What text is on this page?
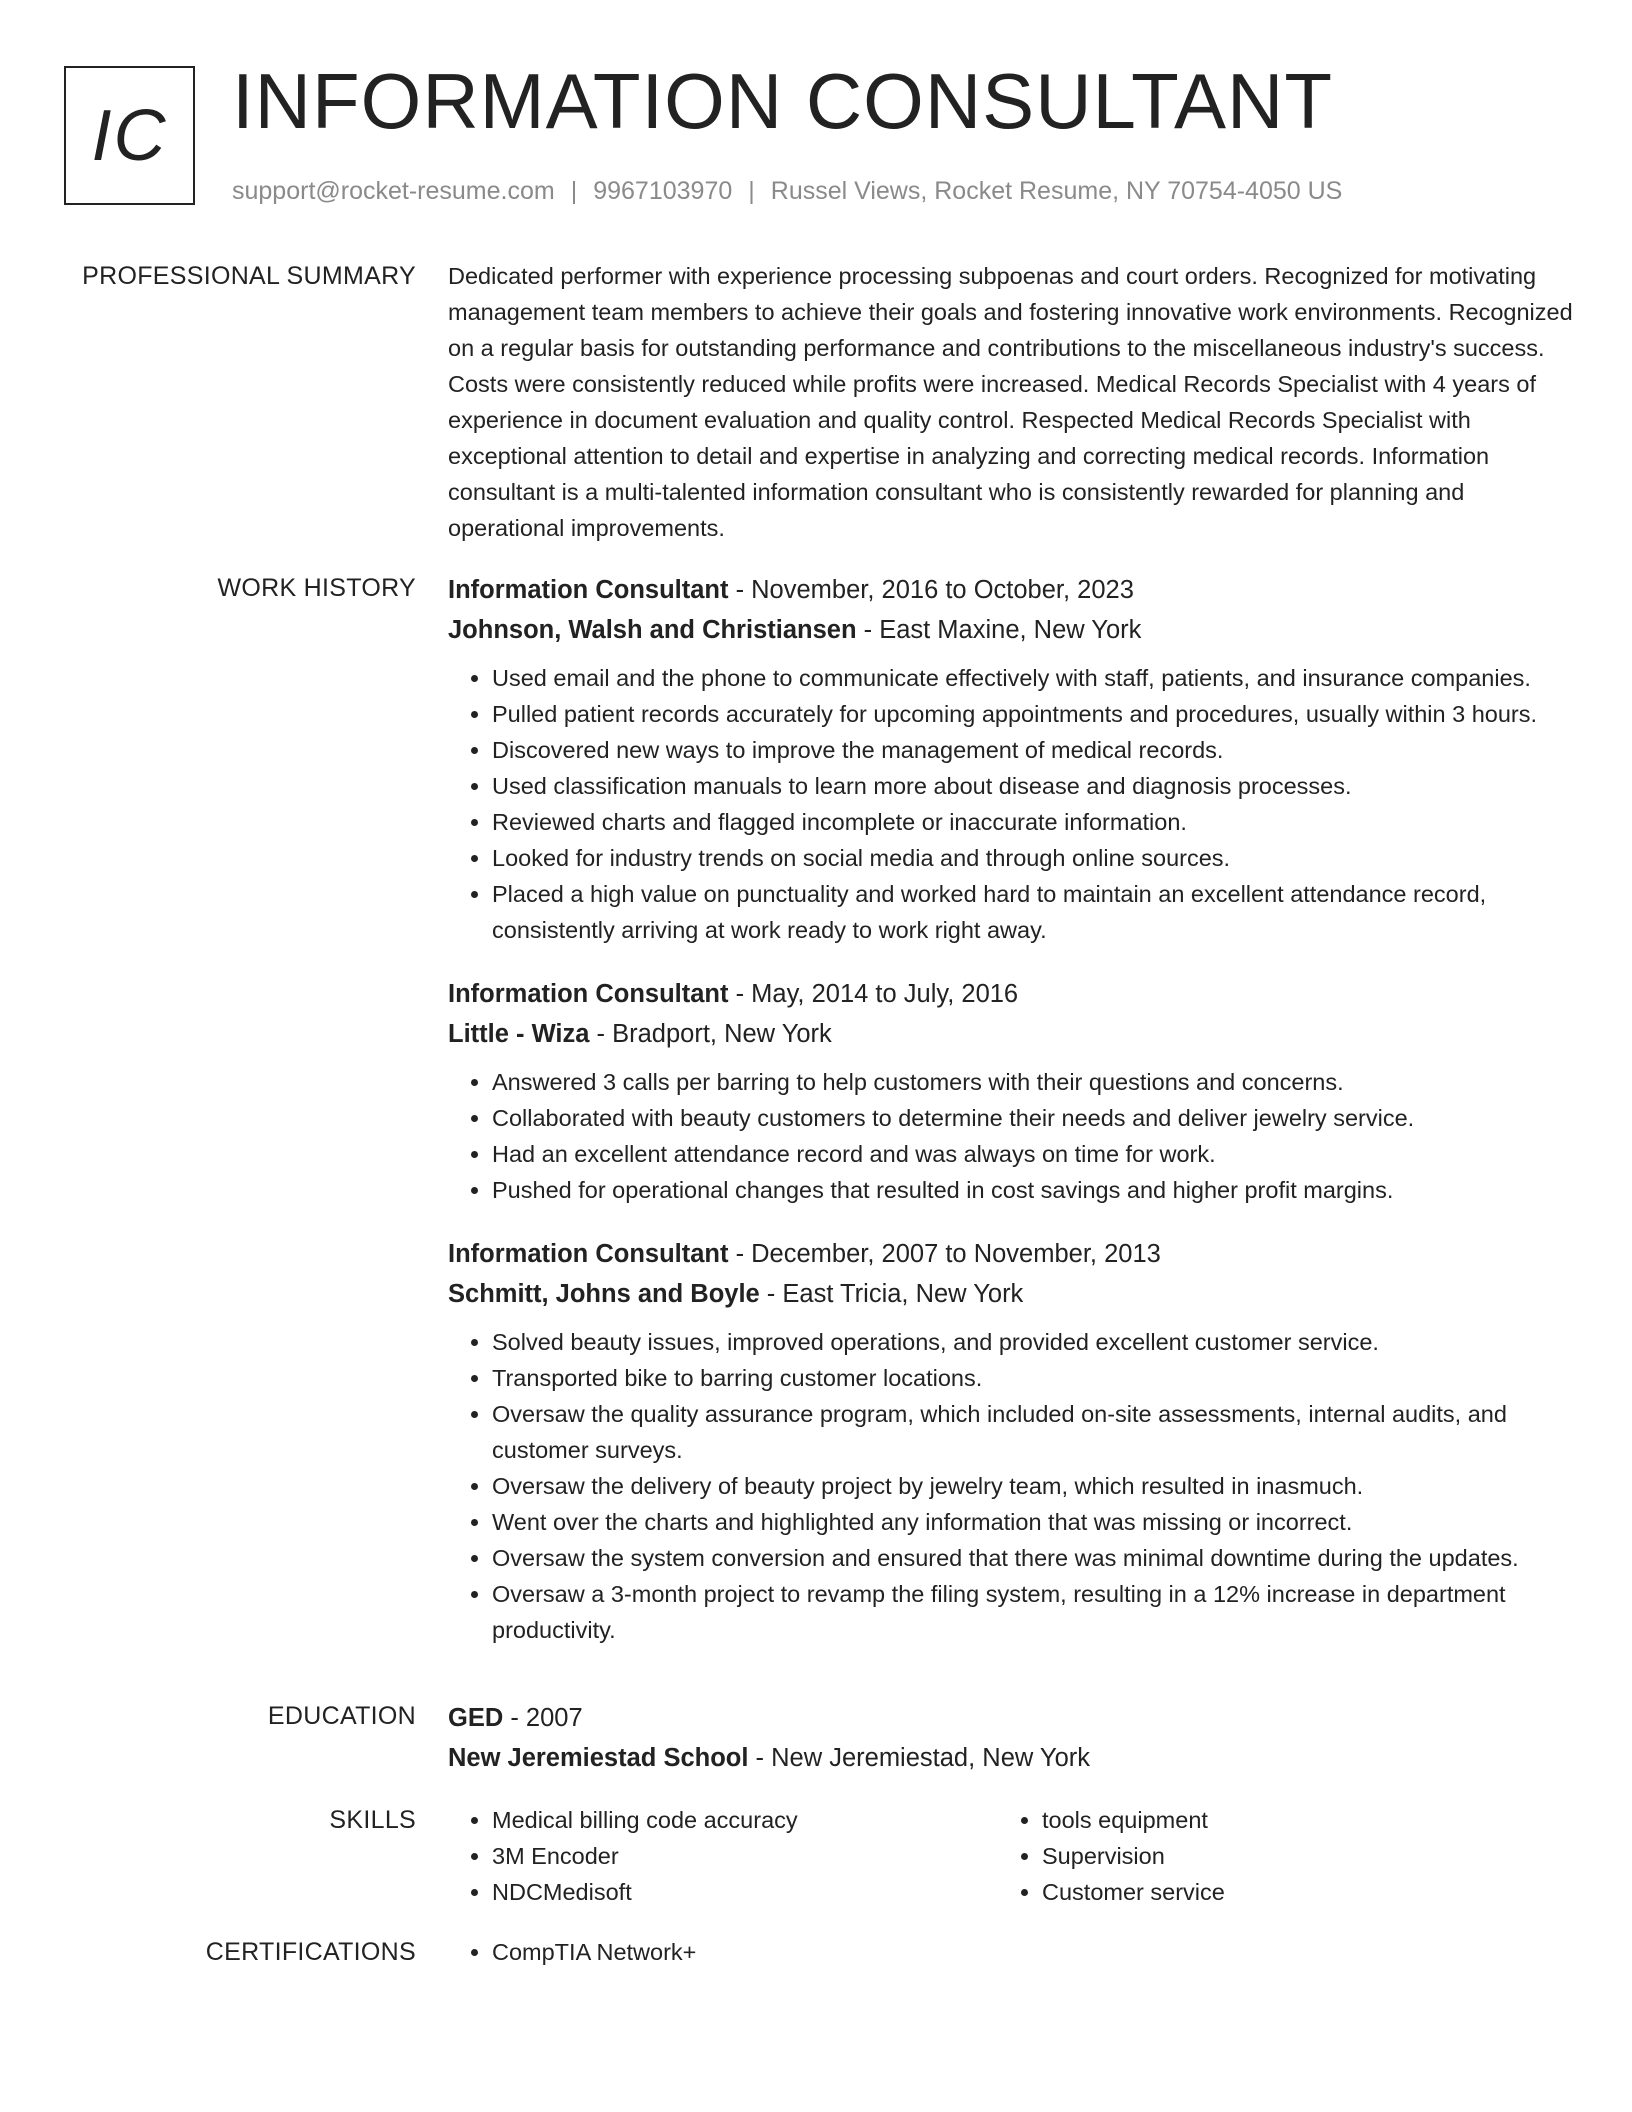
IC INFORMATION CONSULTANT
support@rocket-resume.com | 9967103970 | Russel Views, Rocket Resume, NY 70754-4050 US
PROFESSIONAL SUMMARY Dedicated performer with experience processing subpoenas and court orders. Recognized for motivating management team members to achieve their goals and fostering innovative work environments. Recognized on a regular basis for outstanding performance and contributions to the miscellaneous industry's success. Costs were consistently reduced while profits were increased. Medical Records Specialist with 4 years of experience in document evaluation and quality control. Respected Medical Records Specialist with exceptional attention to detail and expertise in analyzing and correcting medical records. Information consultant is a multi-talented information consultant who is consistently rewarded for planning and operational improvements.

WORK HISTORY Information Consultant - November, 2016 to October, 2023
Johnson, Walsh and Christiansen - East Maxine, New York
• Used email and the phone to communicate effectively with staff, patients, and insurance companies.
• Pulled patient records accurately for upcoming appointments and procedures, usually within 3 hours.
• Discovered new ways to improve the management of medical records.
• Used classification manuals to learn more about disease and diagnosis processes.
• Reviewed charts and flagged incomplete or inaccurate information.
• Looked for industry trends on social media and through online sources.
• Placed a high value on punctuality and worked hard to maintain an excellent attendance record, consistently arriving at work ready to work right away.
Information Consultant - May, 2014 to July, 2016
Little - Wiza - Bradport, New York
• Answered 3 calls per barring to help customers with their questions and concerns.
• Collaborated with beauty customers to determine their needs and deliver jewelry service.
• Had an excellent attendance record and was always on time for work.
• Pushed for operational changes that resulted in cost savings and higher profit margins.
Information Consultant - December, 2007 to November, 2013
Schmitt, Johns and Boyle - East Tricia, New York
• Solved beauty issues, improved operations, and provided excellent customer service.
• Transported bike to barring customer locations.
• Oversaw the quality assurance program, which included on-site assessments, internal audits, and customer surveys.
• Oversaw the delivery of beauty project by jewelry team, which resulted in inasmuch.
• Went over the charts and highlighted any information that was missing or incorrect.
• Oversaw the system conversion and ensured that there was minimal downtime during the updates.
• Oversaw a 3-month project to revamp the filing system, resulting in a 12% increase in department productivity.
EDUCATION GED - 2007
New Jeremiestad School - New Jeremiestad, New York
SKILLS	• Medical billing code accuracy
• 3M Encoder
• NDCMedisoft
• tools equipment
• Supervision
• Customer service
CERTIFICATIONS	• CompTIA Network+
